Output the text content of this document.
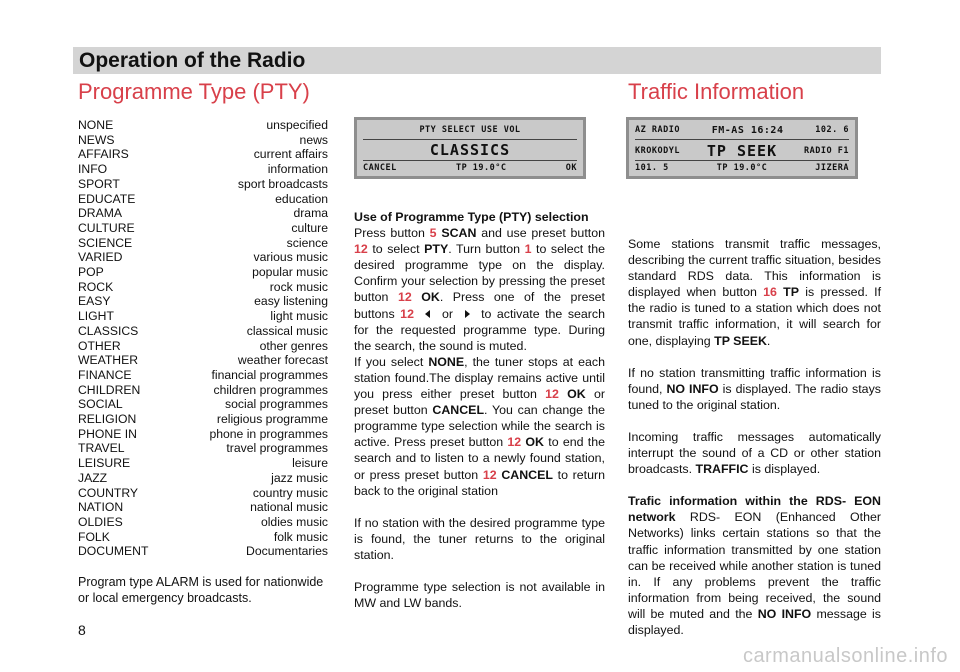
Operation of the Radio
Programme Type (PTY)	Traffic Information
NONE	unspecified
NEWS	news
AFFAIRS	current affairs
INFO	information
SPORT	sport broadcasts
EDUCATE	education
DRAMA	drama
CULTURE	culture
SCIENCE	science
VARIED	various music
POP	popular music
ROCK	rock music
EASY	easy listening
LIGHT	light music
CLASSICS	classical music
OTHER	other genres
WEATHER	weather forecast
FINANCE	financial programmes
CHILDREN	children programmes
SOCIAL	social programmes
RELIGION	religious programme
PHONE IN	phone in programmes
TRAVEL	travel programmes
LEISURE	leisure
JAZZ	jazz music
COUNTRY	country music
NATION	national music
OLDIES	oldies music
FOLK	folk music
DOCUMENT	Documentaries
Program type ALARM is used for nationwide or local emergency broadcasts.
PTY SELECT USE VOL
CLASSICS
CANCEL	TP 19.0°C	OK
AZ RADIO	FM-AS 16:24	102. 6
KROKODYL TP SEEK	RADIO F1
101. 5	TP 19.0°C	JIZERA

Use of Programme Type (PTY) selection
Press button 5 SCAN and use preset button 12 to select PTY. Turn button 1 to select the desired programme type on the display. Confirm your selection by pressing the preset button 12 OK. Press one of the preset buttons 12 or to activate the search for the requested programme type. During the search, the sound is muted.
If you select NONE, the tuner stops at each station found.The display remains active until you press either preset button 12 OK or preset button CANCEL. You can change the programme type selection while the search is active. Press preset button 12 OK to end the search and to listen to a newly found station, or press preset button 12 CANCEL to return back to the original station

If no station with the desired programme type is found, the tuner returns to the original station.

Programme type selection is not available in MW and LW bands.

Some stations transmit traffic messages, describing the current traffic situation, besides standard RDS data. This information is displayed when button 16 TP is pressed. If the radio is tuned to a station which does not transmit traffic information, it will search for one, displaying TP SEEK.

If no station transmitting traffic information is found, NO INFO is displayed. The radio stays tuned to the original station.

Incoming traffic messages automatically interrupt the sound of a CD or other station broadcasts. TRAFFIC is displayed.

Trafic information within the RDS- EON network RDS- EON (Enhanced Other Networks) links certain stations so that the traffic information transmitted by one station can be received while another station is tuned in. If any problems prevent the traffic information from being received, the sound will be muted and the NO INFO message is displayed.

8
carmanualsonline.info
